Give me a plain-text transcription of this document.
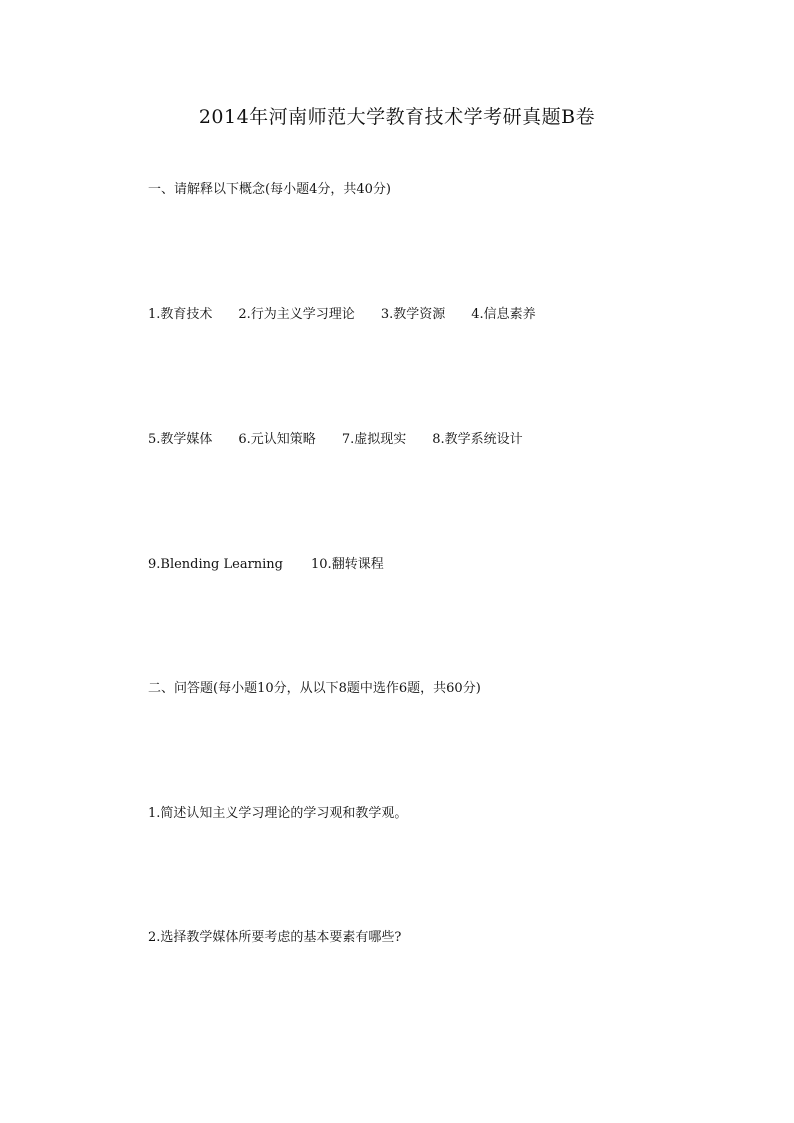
2014年河南师范大学教育技术学考研真题B卷
一、请解释以下概念(每小题4分，共40分)
1.教育技术 2.行为主义学习理论 3.教学资源 4.信息素养
5.教学媒体 6.元认知策略 7.虚拟现实 8.教学系统设计
9.Blending Learning 10.翻转课程
二、问答题(每小题10分，从以下8题中选作6题，共60分)
1.简述认知主义学习理论的学习观和教学观。
2.选择教学媒体所要考虑的基本要素有哪些?
